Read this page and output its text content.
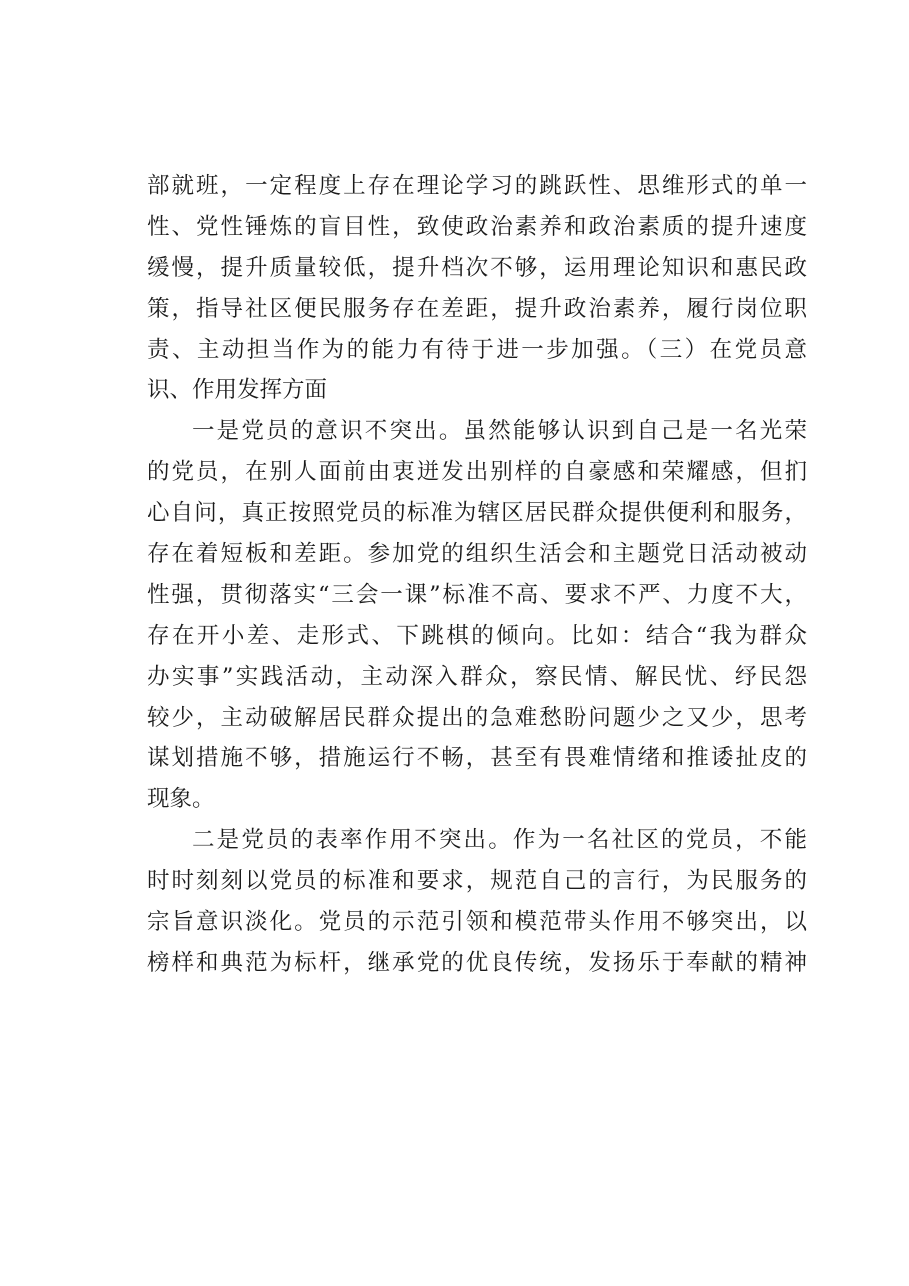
部就班，一定程度上存在理论学习的跳跃性、思维形式的单一
性、党性锤炼的盲目性，致使政治素养和政治素质的提升速度
缓慢，提升质量较低，提升档次不够，运用理论知识和惠民政
策，指导社区便民服务存在差距，提升政治素养，履行岗位职
责、主动担当作为的能力有待于进一步加强。（三）在党员意
识、作用发挥方面
一是党员的意识不突出。虽然能够认识到自己是一名光荣
的党员，在别人面前由衷迸发出别样的自豪感和荣耀感，但扪
心自问，真正按照党员的标准为辖区居民群众提供便利和服务，
存在着短板和差距。参加党的组织生活会和主题党日活动被动
性强，贯彻落实“三会一课”标准不高、要求不严、力度不大，
存在开小差、走形式、下跳棋的倾向。比如：结合“我为群众
办实事”实践活动，主动深入群众，察民情、解民忧、纾民怨
较少，主动破解居民群众提出的急难愁盼问题少之又少，思考
谋划措施不够，措施运行不畅，甚至有畏难情绪和推诿扯皮的
现象。
二是党员的表率作用不突出。作为一名社区的党员，不能
时时刻刻以党员的标准和要求，规范自己的言行，为民服务的
宗旨意识淡化。党员的示范引领和模范带头作用不够突出，以
榜样和典范为标杆，继承党的优良传统，发扬乐于奉献的精神
